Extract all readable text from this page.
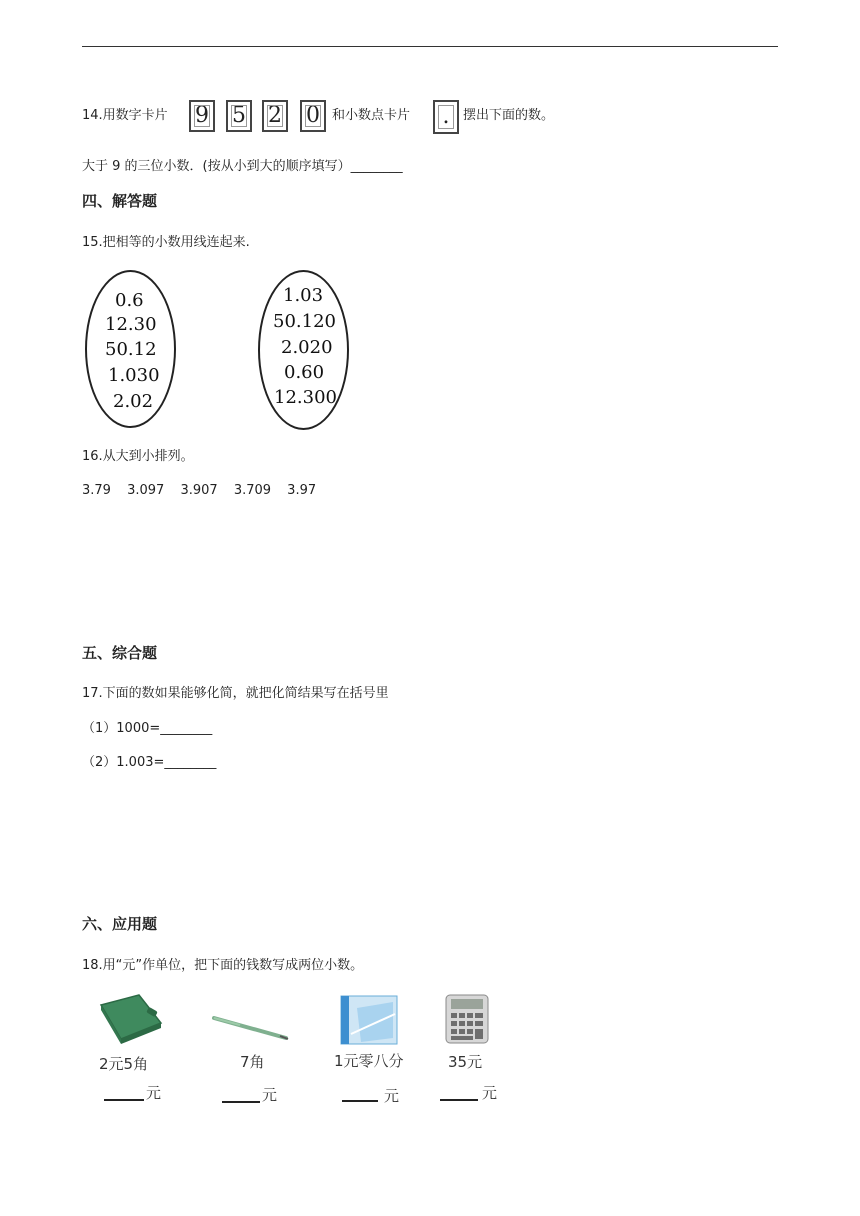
14.用数字卡片 9 5 2 0 和小数点卡片	.	摆出下面的数。
大于 9 的三位小数．(按从小到大的顺序填写）________
四、解答题
15.把相等的小数用线连起来.
0.6
12.30
50.12
1.030
2.02
1.03
50.120
2.020
0.60
12.300
16.从大到小排列。
3.79 3.097 3.907 3.709 3.97
五、综合题
17.下面的数如果能够化简，就把化简结果写在括号里
（1）1000=________
（2）1.003=________
六、应用题
18.用“元”作单位，把下面的钱数写成两位小数。
2元5角
元
7角
元
1元零八分
元
35元
元
